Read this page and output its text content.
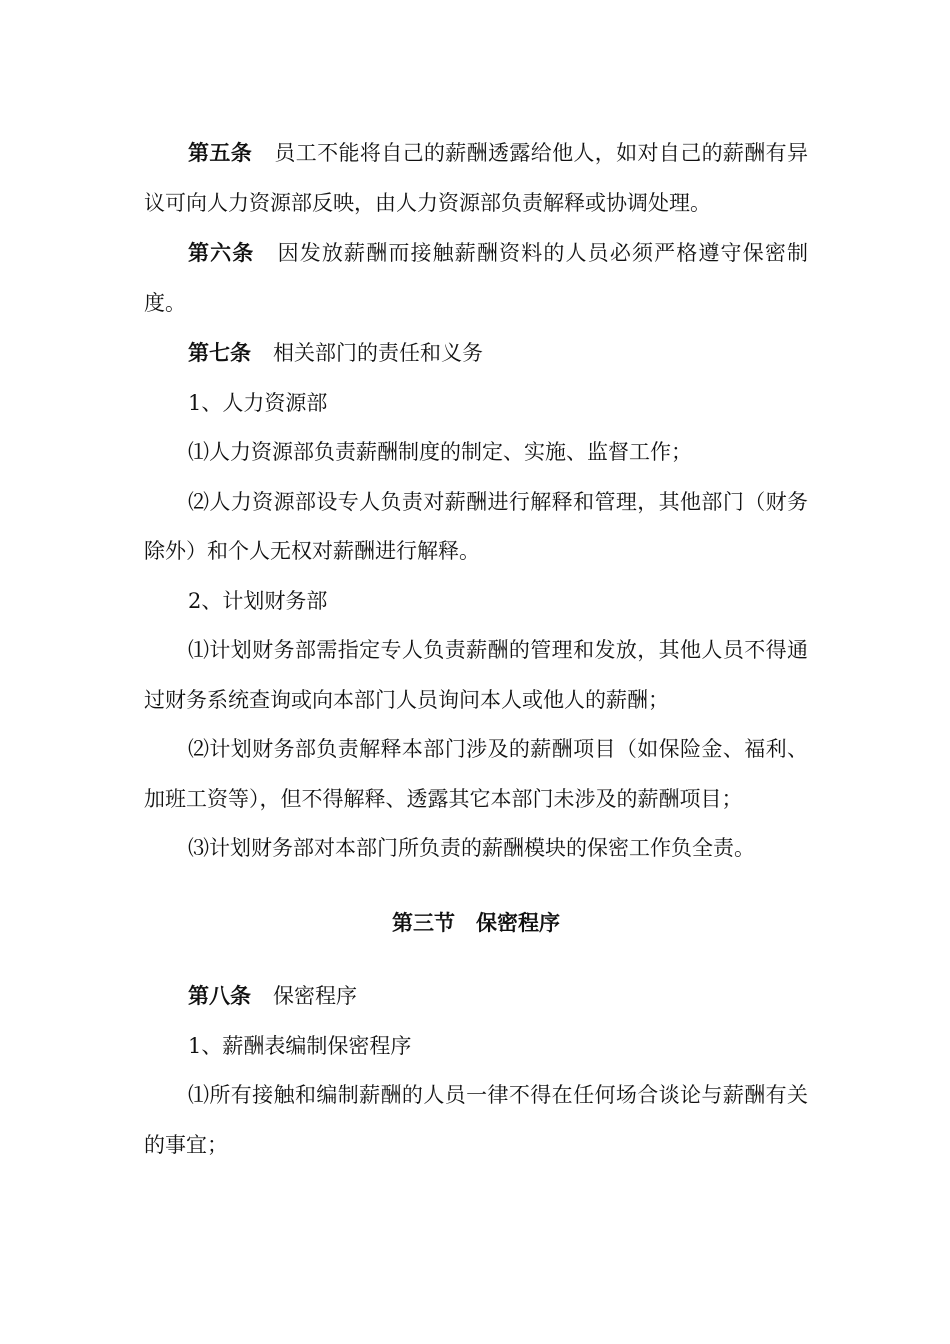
第五条 员工不能将自己的薪酬透露给他人，如对自己的薪酬有异议可向人力资源部反映，由人力资源部负责解释或协调处理。

第六条 因发放薪酬而接触薪酬资料的人员必须严格遵守保密制度。

第七条 相关部门的责任和义务

1、人力资源部

⑴人力资源部负责薪酬制度的制定、实施、监督工作；

⑵人力资源部设专人负责对薪酬进行解释和管理，其他部门（财务除外）和个人无权对薪酬进行解释。

2、计划财务部

⑴计划财务部需指定专人负责薪酬的管理和发放，其他人员不得通过财务系统查询或向本部门人员询问本人或他人的薪酬；

⑵计划财务部负责解释本部门涉及的薪酬项目（如保险金、福利、加班工资等），但不得解释、透露其它本部门未涉及的薪酬项目；

⑶计划财务部对本部门所负责的薪酬模块的保密工作负全责。

第三节　保密程序

第八条 保密程序

1、薪酬表编制保密程序

⑴所有接触和编制薪酬的人员一律不得在任何场合谈论与薪酬有关的事宜；
